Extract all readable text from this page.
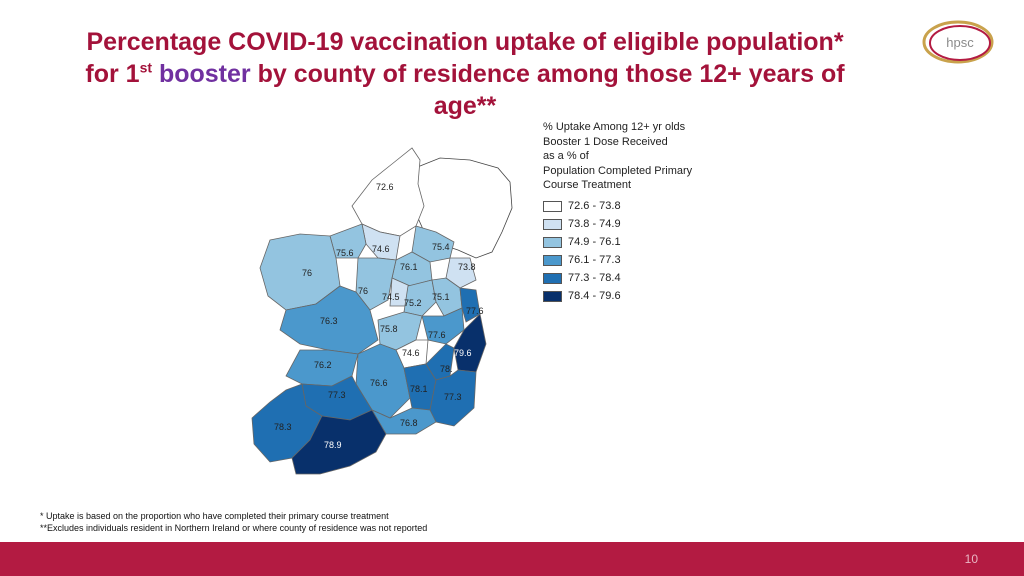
Percentage COVID-19 vaccination uptake of eligible population*
for 1st booster by county of residence among those 12+ years of
age**
hpsc
72.6
74.6	75.4
75.6
76
76.1	73.8
76
74.5
75.2
75.1
77.6
76.3
75.8
77.6
76.2
74.6	79.6
76.6
78.1
78.
77.3
77.3
78.3	76.8
78.9
% Uptake Among 12+ yr olds
Booster 1 Dose Received
as a % of
Population Completed Primary
Course Treatment
72.6 - 73.8
73.8 - 74.9
74.9 - 76.1
76.1 - 77.3
77.3 - 78.4
78.4 - 79.6
* Uptake is based on the proportion who have completed their primary course treatment
**Excludes individuals resident in Northern Ireland or where county of residence was not reported
10
